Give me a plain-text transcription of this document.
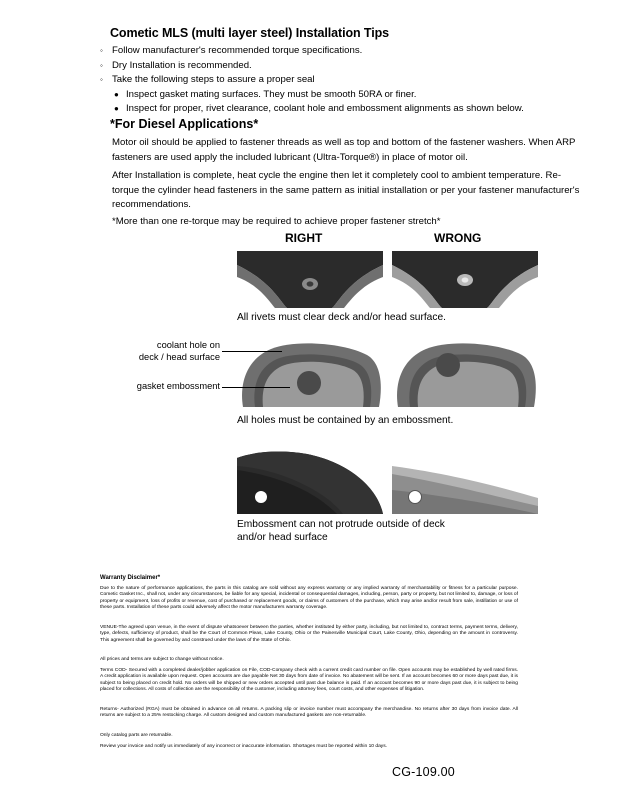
Cometic MLS (multi layer steel) Installation Tips
◦ Follow manufacturer's recommended torque specifications.
◦ Dry Installation is recommended.
◦ Take the following steps to assure a proper seal
● Inspect gasket mating surfaces. They must be smooth 50RA or finer.
● Inspect for proper, rivet clearance, coolant hole and embossment alignments as shown below.
*For Diesel Applications*
Motor oil should be applied to fastener threads as well as top and bottom of the fastener washers. When ARP fasteners are used apply the included lubricant (Ultra-Torque®) in place of motor oil.
After Installation is complete, heat cycle the engine then let it completely cool to ambient temperature. Re-torque the cylinder head fasteners in the same pattern as initial installation or per your fastener manufacturer's recommendations.
*More than one re-torque may be required to achieve proper fastener stretch*
RIGHT	WRONG
All rivets must clear deck and/or head surface.
coolant hole on
deck / head surface
gasket embossment
All holes must be contained by an embossment.
Embossment can not protrude outside of deck
and/or head surface
Warranty Disclaimer*
Due to the nature of performance applications, the parts in this catalog are sold without any express warranty or any implied warranty of merchantability or fitness for a particular purpose. Cometic Gasket Inc., shall not, under any circumstances, be liable for any special, incidental or consequential damages, including, person, party or property, but not limited to, damage, or loss of property or equipment, loss of profits or revenue, cost of purchased or replacement goods, or claims of customers of the purchase, which may arise and/or result from sale, instillation or use of these parts. Installation of these parts could adversely affect the motor manufacturers warranty coverage.
VENUE-The agreed upon venue, in the event of dispute whatsoever between the parties, whether instituted by either party, including, but not limited to, contract terms, payment terms, delivery, type, defects, sufficiency of product, shall be the Court of Common Pleas, Lake County, Ohio or the Painesville Municipal Court, Lake County, Ohio, depending on the amount in controversy. This agreement shall be governed by and construed under the laws of the State of Ohio.
All prices and terms are subject to change without notice.
Terms COD- Secured with a completed dealer/jobber application on File, COD-Company check with a current credit card number on file. Open accounts may be established by well rated firms. A credit application is available upon request. Open accounts are due payable Net 30 days from date of invoice. No abatement will be sent. If an account becomes 60 or more days past due, it is subject to being placed on credit hold. No orders will be shipped or new orders accepted until past due balance is paid. If an account becomes 90 or more days past due, it is subject to being placed for collections. All costs of collection are the responsibility of the customer, including attorney fees, court costs, and other expenses of litigation.
Returns- Authorized (RGA) must be obtained in advance on all returns. A packing slip or invoice number must accompany the merchandise. No returns after 30 days from invoice date. All returns are subject to a 25% restocking charge. All custom designed and custom manufactured gaskets are non-returnable.
Only catalog parts are returnable.
Review your invoice and notify us immediately of any incorrect or inaccurate information. Shortages must be reported within 10 days.
CG-109.00
